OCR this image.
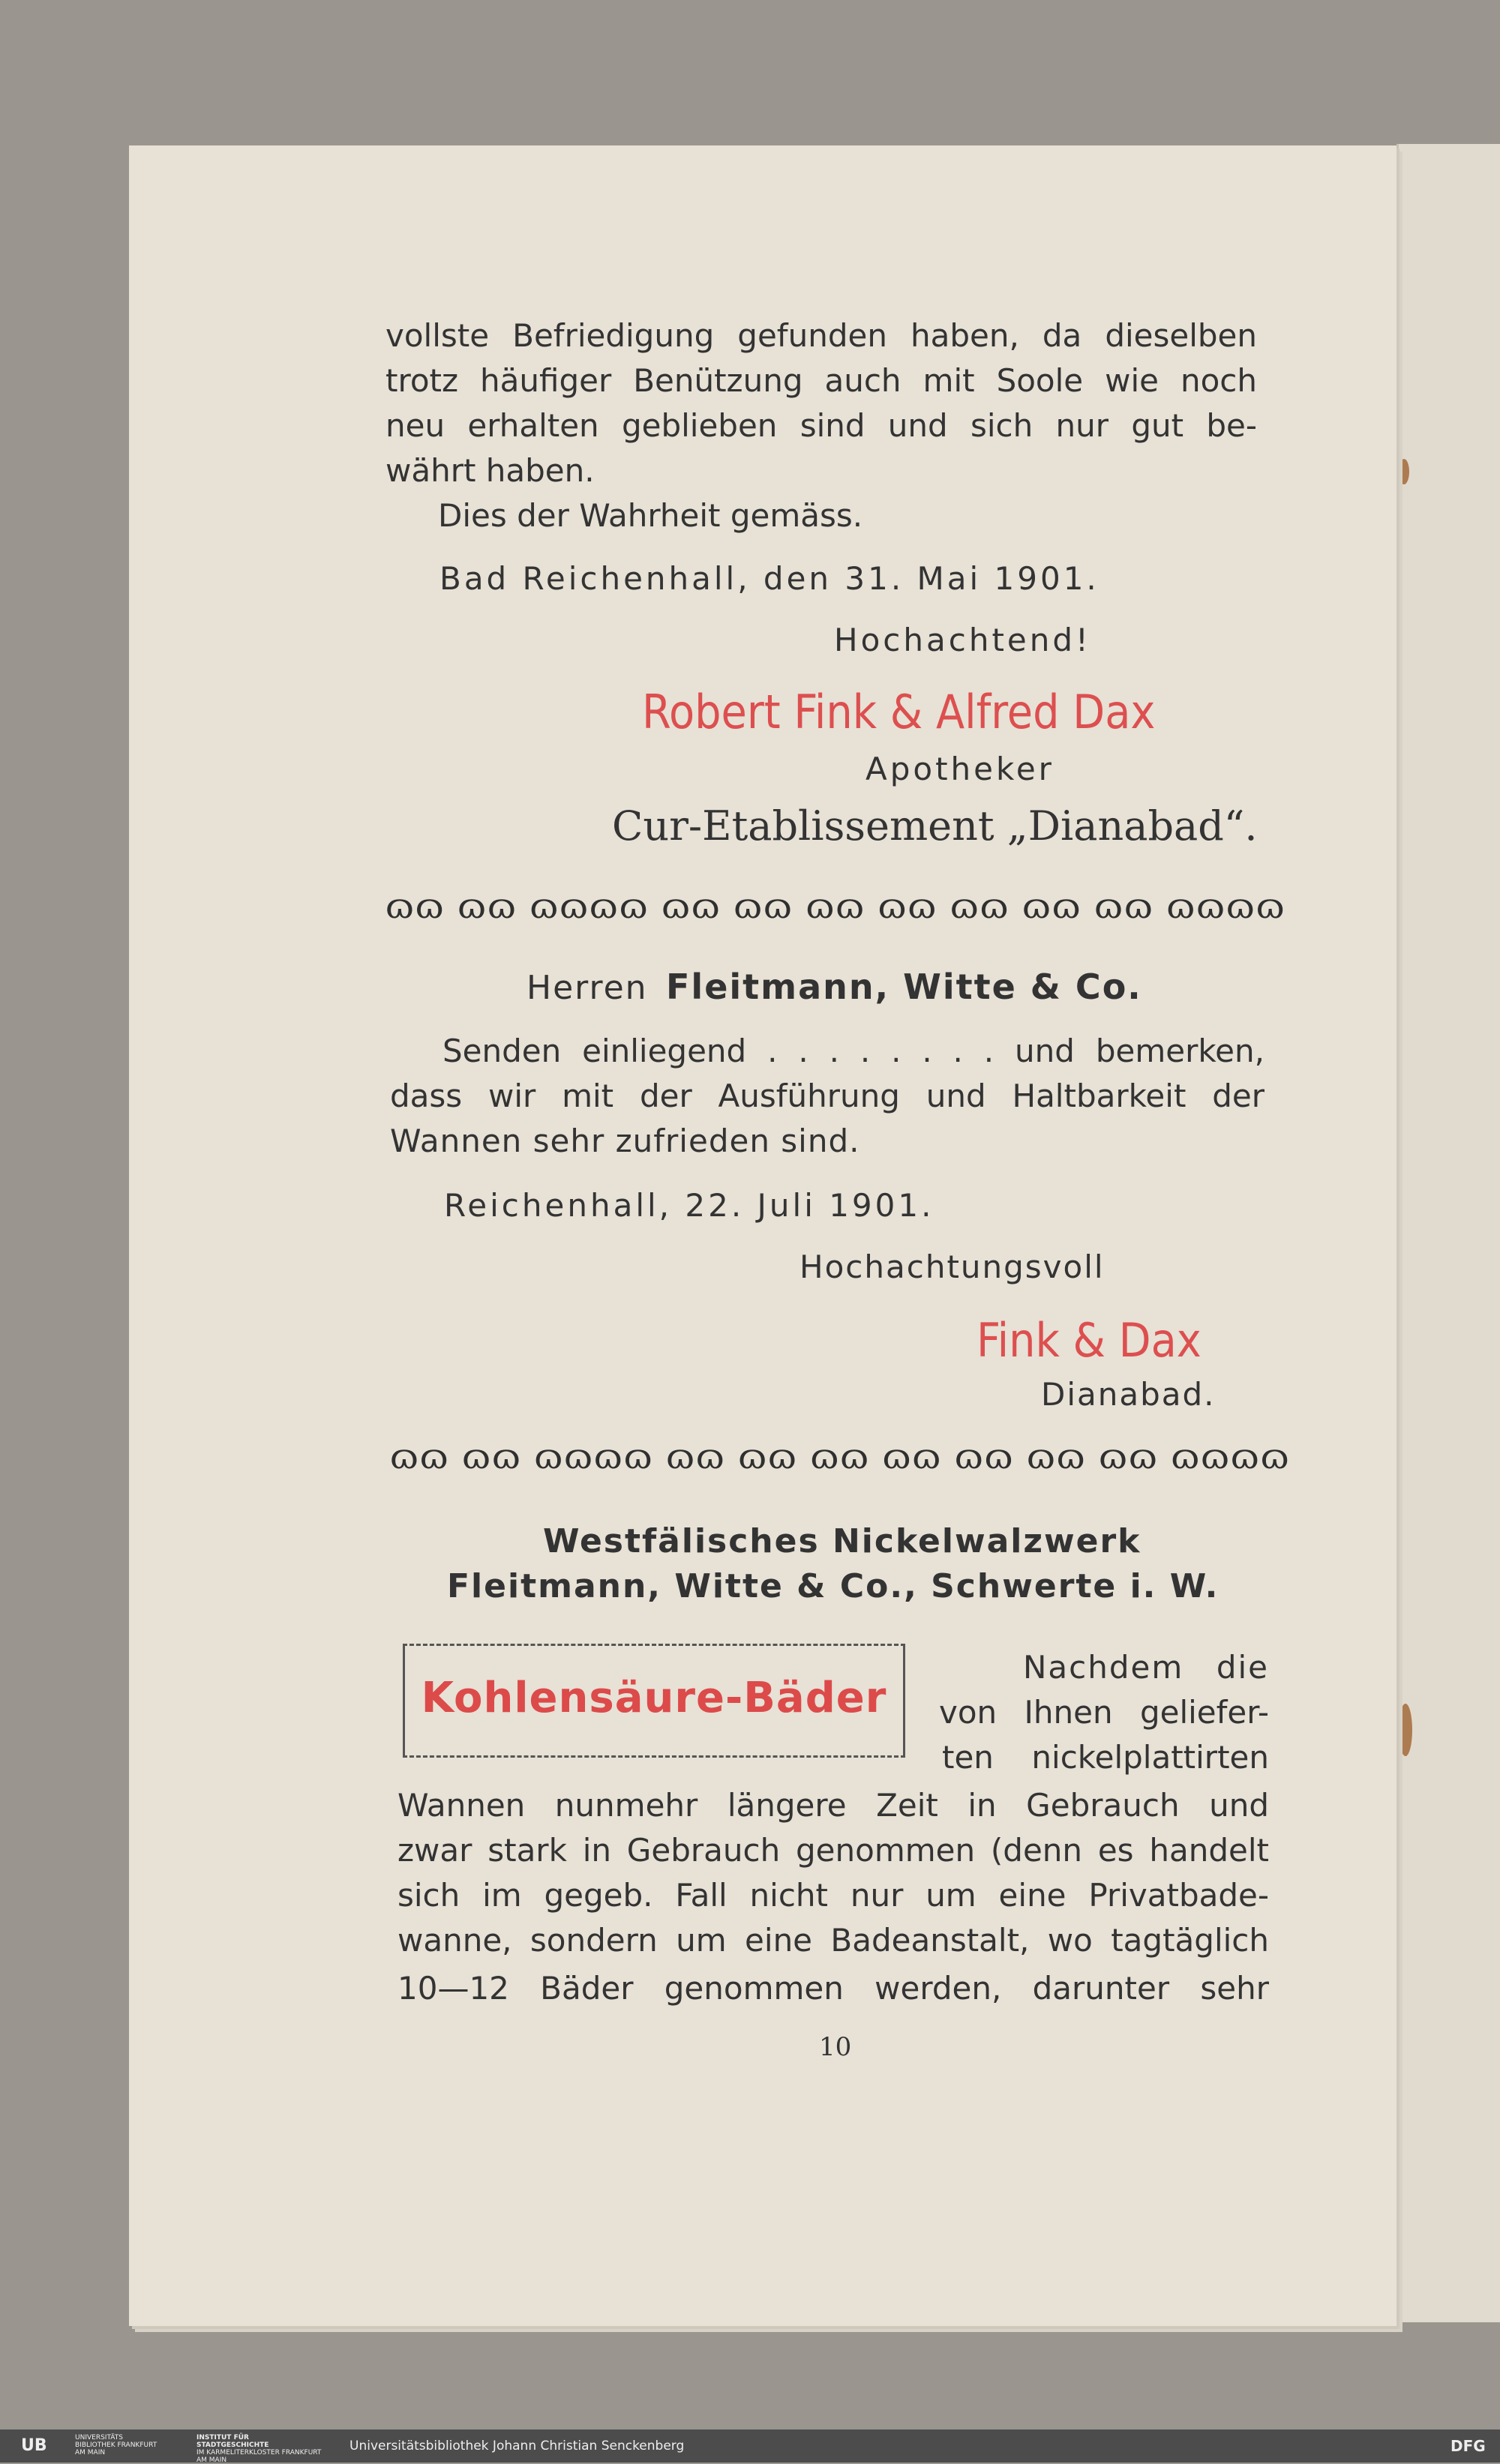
vollste Befriedigung gefunden haben, da dieselben
trotz häufiger Benützung auch mit Soole wie noch
neu erhalten geblieben sind und sich nur gut be-
währt haben.
Dies der Wahrheit gemäss.
Bad Reichenhall, den 31. Mai 1901.
Hochachtend!
Robert Fink & Alfred Dax
Apotheker
Cur-Etablissement „Dianabad“.
ɷɷ ɷɷ ɷɷɷɷ ɷɷ ɷɷ ɷɷ ɷɷ ɷɷ ɷɷ ɷɷ ɷɷɷɷ
Herren Fleitmann, Witte & Co.
Senden einliegend . . . . . . . . und bemerken,
dass wir mit der Ausführung und Haltbarkeit der
Wannen sehr zufrieden sind.
Reichenhall, 22. Juli 1901.
Hochachtungsvoll
Fink & Dax
Dianabad.
ɷɷ ɷɷ ɷɷɷɷ ɷɷ ɷɷ ɷɷ ɷɷ ɷɷ ɷɷ ɷɷ ɷɷɷɷ
Westfälisches Nickelwalzwerk
Fleitmann, Witte & Co., Schwerte i. W.
Kohlensäure-Bäder
Nachdem die
von Ihnen geliefer-
ten nickelplattirten
Wannen nunmehr längere Zeit in Gebrauch und
zwar stark in Gebrauch genommen (denn es handelt
sich im gegeb. Fall nicht nur um eine Privatbade-
wanne, sondern um eine Badeanstalt, wo tagtäglich
10—12 Bäder genommen werden, darunter sehr
10
UB	UNIVERSITÄTS BIBLIOTHEK FRANKFURT AM MAIN
INSTITUT FÜR STADTGESCHICHTE
IM KARMELITERKLOSTER FRANKFURT AM MAIN
Universitätsbibliothek Johann Christian Senckenberg	DFG
